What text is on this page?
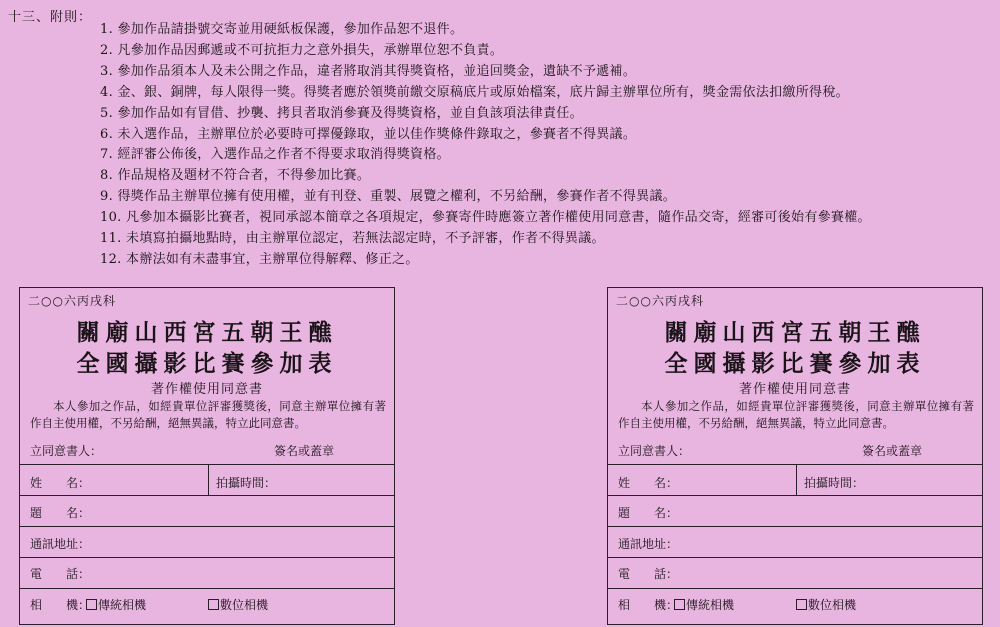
十三、附則：
1. 參加作品請掛號交寄並用硬紙板保護，參加作品恕不退件。
2. 凡參加作品因郵遞或不可抗拒力之意外損失，承辦單位恕不負責。
3. 參加作品須本人及未公開之作品，違者將取消其得獎資格，並追回獎金，遺缺不予遞補。
4. 金、銀、銅牌，每人限得一獎。得獎者應於領獎前繳交原稿底片或原始檔案，底片歸主辦單位所有，獎金需依法扣繳所得稅。
5. 參加作品如有冒借、抄襲、拷貝者取消參賽及得獎資格，並自負該項法律責任。
6. 未入選作品，主辦單位於必要時可擇優錄取，並以佳作獎條件錄取之，參賽者不得異議。
7. 經評審公佈後，入選作品之作者不得要求取消得獎資格。
8. 作品規格及題材不符合者，不得參加比賽。
9. 得獎作品主辦單位擁有使用權，並有刊登、重製、展覽之權利，不另給酬，參賽作者不得異議。
10. 凡參加本攝影比賽者，視同承認本簡章之各項規定，參賽寄件時應簽立著作權使用同意書，隨作品交寄，經審可後始有參賽權。
11. 未填寫拍攝地點時，由主辦單位認定，若無法認定時，不予評審，作者不得異議。
12. 本辦法如有未盡事宜，主辦單位得解釋、修正之。
二○○六丙戌科
關廟山西宮五朝王醮
全國攝影比賽參加表
著作權使用同意書
本人參加之作品，如經貴單位評審獲獎後，同意主辦單位擁有著作自主使用權，不另給酬，絕無異議，特立此同意書。
立同意書人：	簽名或蓋章
姓　　名：	拍攝時間：
題　　名：
通訊地址：
電　　話：
相　　機： 傳統相機	數位相機
二○○六丙戌科
關廟山西宮五朝王醮
全國攝影比賽參加表
著作權使用同意書
本人參加之作品，如經貴單位評審獲獎後，同意主辦單位擁有著作自主使用權，不另給酬，絕無異議，特立此同意書。
立同意書人：	簽名或蓋章
姓　　名：	拍攝時間：
題　　名：
通訊地址：
電　　話：
相　　機： 傳統相機	數位相機
